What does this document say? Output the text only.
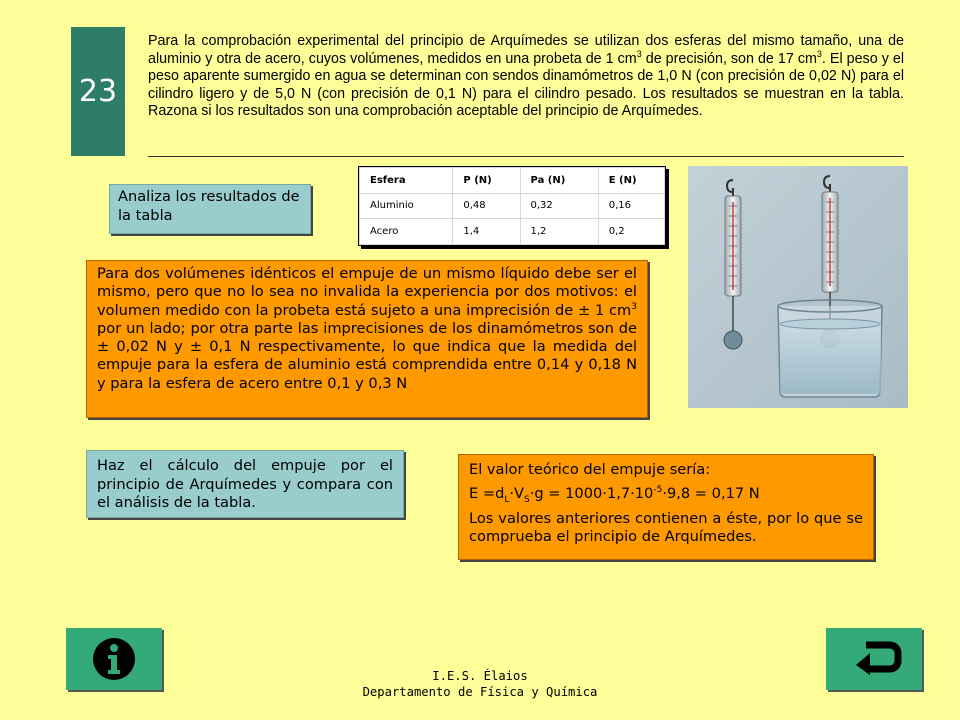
23
Para la comprobación experimental del principio de Arquímedes se utilizan dos esferas del mismo tamaño, una de aluminio y otra de acero, cuyos volúmenes, medidos en una probeta de 1 $cm^3$ de precisión, son de 17 $cm^3$. El peso y el peso aparente sumergido en agua se determinan con sendos dinamómetros de 1,0 N (con precisión de 0,02 N) para el cilindro ligero y de 5,0 N (con precisión de 0,1 N) para el cilindro pesado. Los resultados se muestran en la tabla. Razona si los resultados son una comprobación aceptable del principio de Arquímedes.
Esfera	P (N)	Pa (N)	E (N)
Aluminio	0,48	0,32	0,16
Acero	1,4	1,2	0,2
Analiza los resultados de la tabla
Para dos volúmenes idénticos el empuje de un mismo líquido debe ser el mismo, pero que no lo sea no invalida la experiencia por dos motivos: el volumen medido con la probeta está sujeto a una imprecisión de ± 1 $cm^3$ por un lado; por otra parte las imprecisiones de los dinamómetros son de ± 0,02 N y ± 0,1 N respectivamente, lo que indica que la medida del empuje para la esfera de aluminio está comprendida entre 0,14 y 0,18 N y para la esfera de acero entre 0,1 y 0,3 N
Haz el cálculo del empuje por el principio de Arquímedes y compara con el análisis de la tabla.

El valor teórico del empuje sería:

$E =d_L\cdot V_S\cdot g = 1000\cdot 1,7\cdot 10^{-5}\cdot 9,8 = 0,17$ N

Los valores anteriores contienen a éste, por lo que se comprueba el principio de Arquímedes.

I.E.S. Élaios
Departamento de Física y Química
